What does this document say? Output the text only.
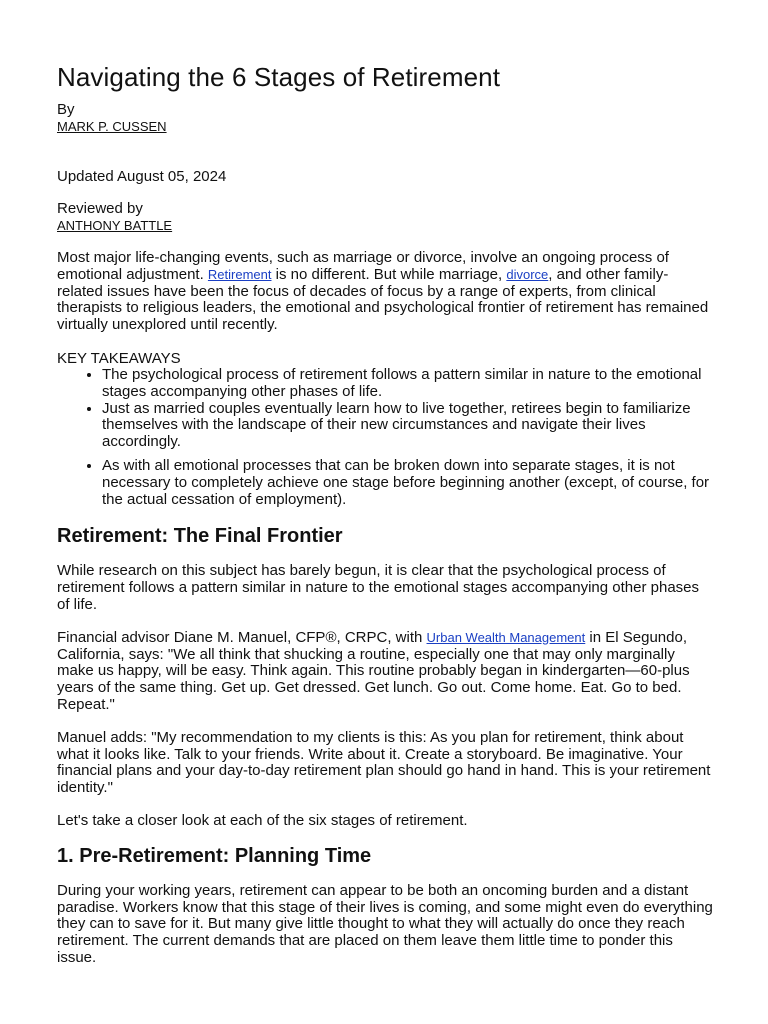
Navigating the 6 Stages of Retirement
By
MARK P. CUSSEN
Updated August 05, 2024
Reviewed by
ANTHONY BATTLE

Most major life-changing events, such as marriage or divorce, involve an ongoing process of emotional adjustment. Retirement is no different. But while marriage, divorce, and other family-related issues have been the focus of decades of focus by a range of experts, from clinical therapists to religious leaders, the emotional and psychological frontier of retirement has remained virtually unexplored until recently.

KEY TAKEAWAYS
• The psychological process of retirement follows a pattern similar in nature to the emotional stages accompanying other phases of life.
• Just as married couples eventually learn how to live together, retirees begin to familiarize themselves with the landscape of their new circumstances and navigate their lives accordingly.
• As with all emotional processes that can be broken down into separate stages, it is not necessary to completely achieve one stage before beginning another (except, of course, for the actual cessation of employment).
Retirement: The Final Frontier

While research on this subject has barely begun, it is clear that the psychological process of retirement follows a pattern similar in nature to the emotional stages accompanying other phases of life.

Financial advisor Diane M. Manuel, CFP®, CRPC, with Urban Wealth Management in El Segundo, California, says: "We all think that shucking a routine, especially one that may only marginally make us happy, will be easy. Think again. This routine probably began in kindergarten—60-plus years of the same thing. Get up. Get dressed. Get lunch. Go out. Come home. Eat. Go to bed. Repeat."

Manuel adds: "My recommendation to my clients is this: As you plan for retirement, think about what it looks like. Talk to your friends. Write about it. Create a storyboard. Be imaginative. Your financial plans and your day-to-day retirement plan should go hand in hand. This is your retirement identity."

Let's take a closer look at each of the six stages of retirement.

1. Pre-Retirement: Planning Time

During your working years, retirement can appear to be both an oncoming burden and a distant paradise. Workers know that this stage of their lives is coming, and some might even do everything they can to save for it. But many give little thought to what they will actually do once they reach retirement. The current demands that are placed on them leave them little time to ponder this issue.
